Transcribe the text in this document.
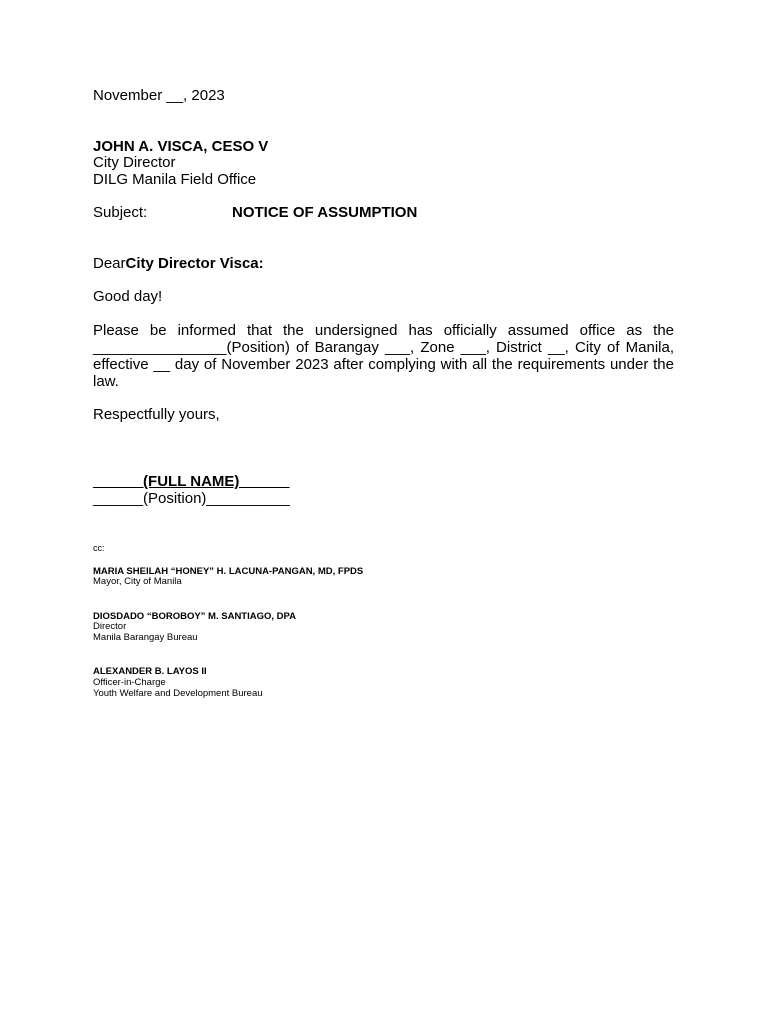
November __, 2023
JOHN A. VISCA, CESO V
City Director
DILG Manila Field Office
Subject:	NOTICE OF ASSUMPTION
DearCity Director Visca:
Good day!
Please be informed that the undersigned has officially assumed office as the ________________(Position) of Barangay ___, Zone ___, District __, City of Manila, effective __ day of November 2023 after complying with all the requirements under the law.
Respectfully yours,
______(FULL NAME)______
______(Position)__________
cc:
MARIA SHEILAH “HONEY” H. LACUNA-PANGAN, MD, FPDS
Mayor, City of Manila
DIOSDADO “BOROBOY” M. SANTIAGO, DPA
Director
Manila Barangay Bureau
ALEXANDER B. LAYOS II
Officer-in-Charge
Youth Welfare and Development Bureau
